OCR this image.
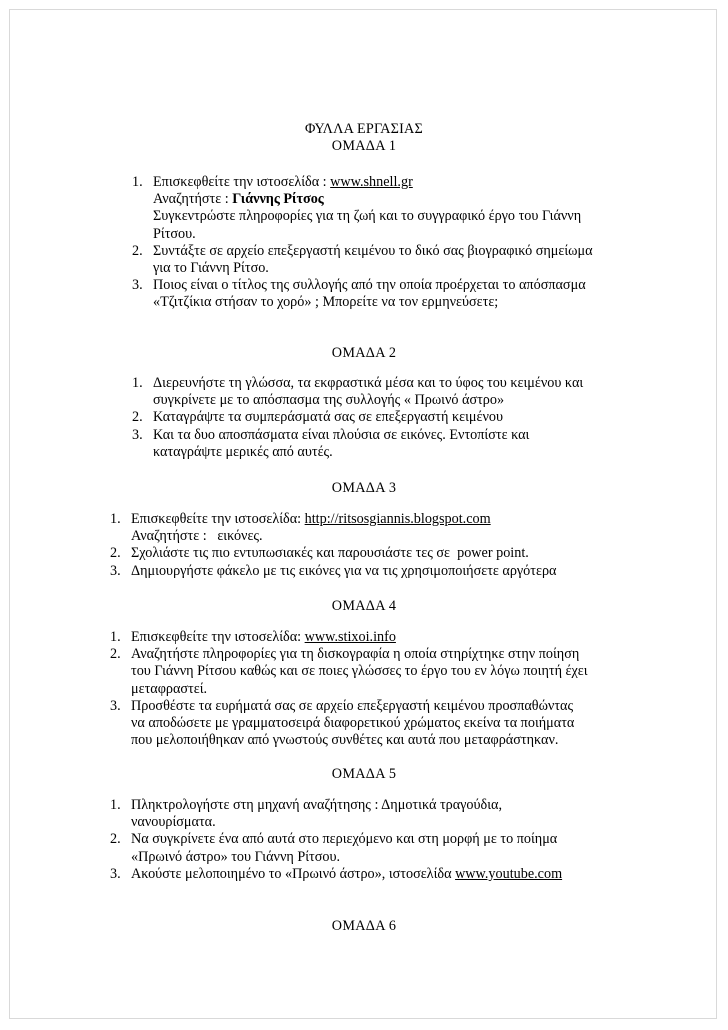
ΦΥΛΛΑ ΕΡΓΑΣΙΑΣ
ΟΜΑΔΑ 1
1. Επισκεφθείτε την ιστοσελίδα : www.shnell.gr
Αναζητήστε : Γιάννης Ρίτσος
Συγκεντρώστε πληροφορίες για τη ζωή και το συγγραφικό έργο του Γιάννη
Ρίτσου.
2. Συντάξτε σε αρχείο επεξεργαστή κειμένου το δικό σας βιογραφικό σημείωμα
για το Γιάννη Ρίτσο.
3. Ποιος είναι ο τίτλος της συλλογής από την οποία προέρχεται το απόσπασμα
«Τζιτζίκια στήσαν το χορό» ; Μπορείτε να τον ερμηνεύσετε;
ΟΜΑΔΑ 2
1. Διερευνήστε τη γλώσσα, τα εκφραστικά μέσα και το ύφος του κειμένου και
συγκρίνετε με το απόσπασμα της συλλογής « Πρωινό άστρο»
2. Καταγράψτε τα συμπεράσματά σας σε επεξεργαστή κειμένου
3. Και τα δυο αποσπάσματα είναι πλούσια σε εικόνες. Εντοπίστε και
καταγράψτε μερικές από αυτές.
ΟΜΑΔΑ 3
1. Επισκεφθείτε την ιστοσελίδα: http://ritsosgiannis.blogspot.com
Αναζητήστε :   εικόνες.
2. Σχολιάστε τις πιο εντυπωσιακές και παρουσιάστε τες σε  power point.
3. Δημιουργήστε φάκελο με τις εικόνες για να τις χρησιμοποιήσετε αργότερα
ΟΜΑΔΑ 4
1. Επισκεφθείτε την ιστοσελίδα: www.stixoi.info
2. Αναζητήστε πληροφορίες για τη δισκογραφία η οποία στηρίχτηκε στην ποίηση
του Γιάννη Ρίτσου καθώς και σε ποιες γλώσσες το έργο του εν λόγω ποιητή έχει
μεταφραστεί.
3. Προσθέστε τα ευρήματά σας σε αρχείο επεξεργαστή κειμένου προσπαθώντας
να αποδώσετε με γραμματοσειρά διαφορετικού χρώματος εκείνα τα ποιήματα
που μελοποιήθηκαν από γνωστούς συνθέτες και αυτά που μεταφράστηκαν.
ΟΜΑΔΑ 5
1. Πληκτρολογήστε στη μηχανή αναζήτησης : Δημοτικά τραγούδια,
νανουρίσματα.
2. Να συγκρίνετε ένα από αυτά στο περιεχόμενο και στη μορφή με το ποίημα
«Πρωινό άστρο» του Γιάννη Ρίτσου.
3. Ακούστε μελοποιημένο το «Πρωινό άστρο», ιστοσελίδα www.youtube.com
ΟΜΑΔΑ 6
